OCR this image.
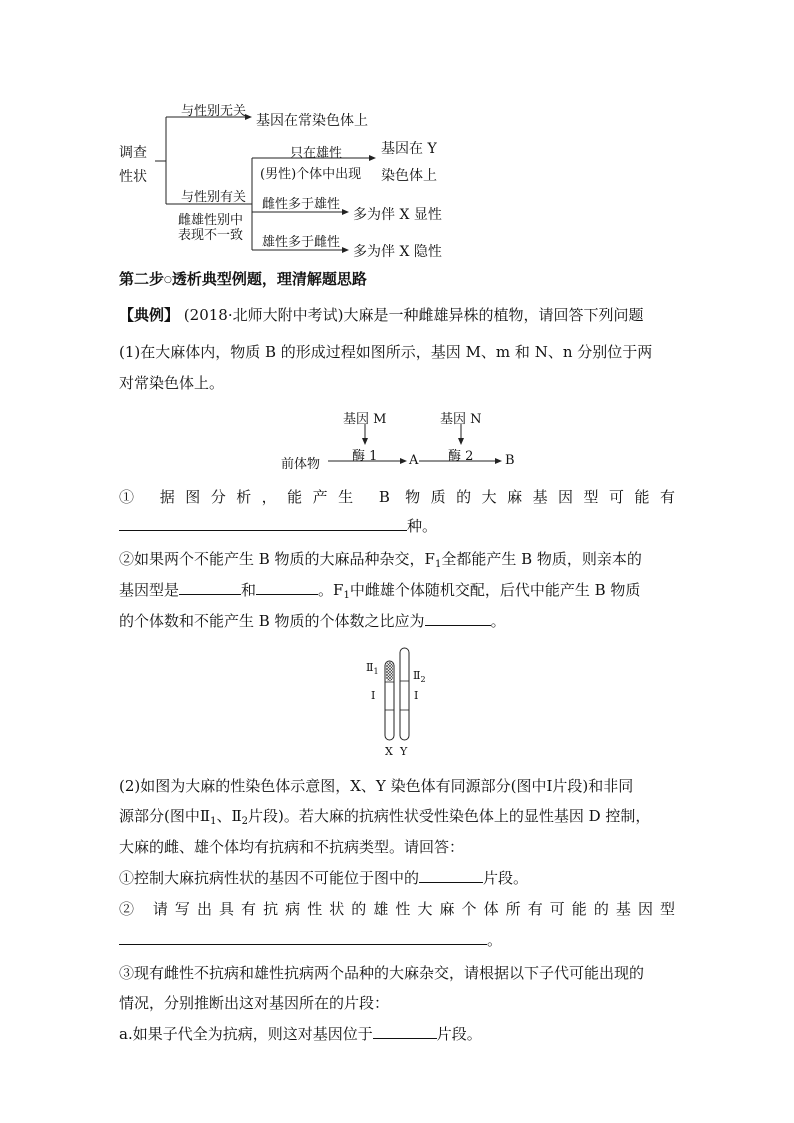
调查
性状
与性别无关
基因在常染色体上
与性别有关
雌雄性别中
表现不一致
只在雄性
(男性)个体中出现
基因在 Y
染色体上
雌性多于雄性
多为伴 X 显性
雄性多于雌性
多为伴 X 隐性
第二步○透析典型例题，理清解题思路
【典例】 (2018·北师大附中考试)大麻是一种雌雄异株的植物，请回答下列问题
(1)在大麻体内，物质 B 的形成过程如图所示，基因 M、m 和 N、n 分别位于两
对常染色体上。
基因 M	基因 N
前体物
酶 1 A 酶 2 B
① 据图分析，能产生 B 物质的大麻基因型可能有
种。
②如果两个不能产生 B 物质的大麻品种杂交，$F_1$全都能产生 B 物质，则亲本的
基因型是	和	。$F_1$中雌雄个体随机交配，后代中能产生 B 物质
的个体数和不能产生 B 物质的个体数之比应为	。
$Ⅱ_1$
Ⅰ
$Ⅱ_2$
Ⅰ
X Y
(2)如图为大麻的性染色体示意图，X、Y 染色体有同源部分(图中Ⅰ片段)和非同
源部分(图中$Ⅱ_1$、$Ⅱ_2$片段)。若大麻的抗病性状受性染色体上的显性基因 D 控制，
大麻的雌、雄个体均有抗病和不抗病类型。请回答：
①控制大麻抗病性状的基因不可能位于图中的	片段。
② 请写出具有抗病性状的雄性大麻个体所有可能的基因型
。
③现有雌性不抗病和雄性抗病两个品种的大麻杂交，请根据以下子代可能出现的
情况，分别推断出这对基因所在的片段：
a.如果子代全为抗病，则这对基因位于	片段。
